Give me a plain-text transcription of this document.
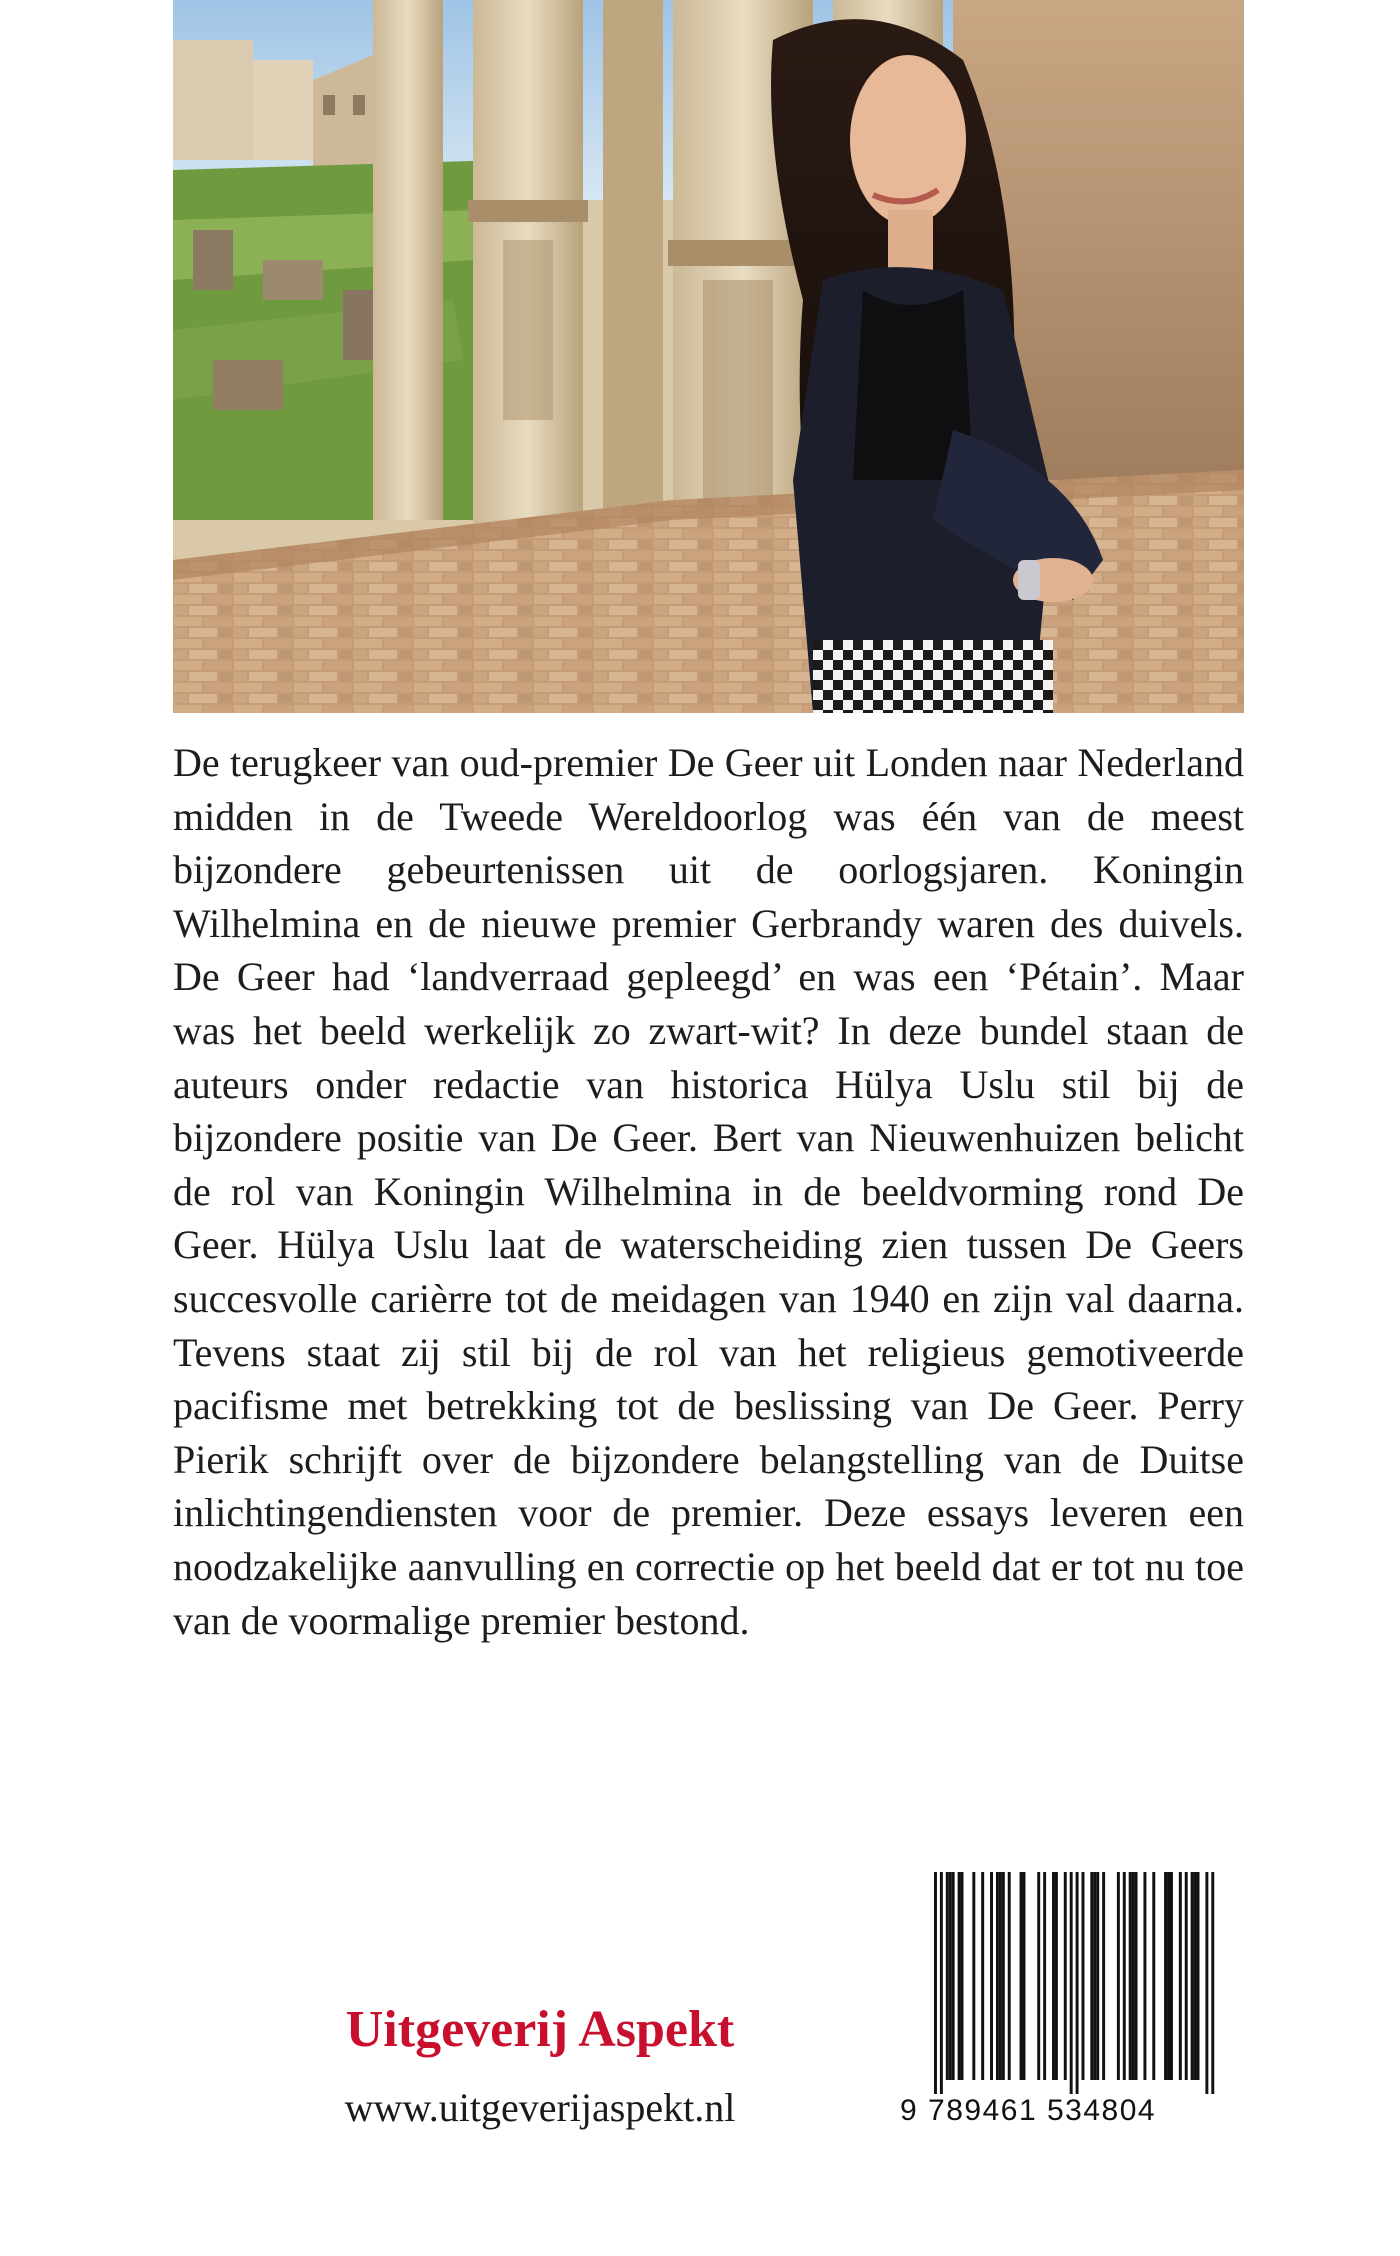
De terugkeer van oud-premier De Geer uit Londen naar Nederland midden in de Tweede Wereldoorlog was één van de meest bijzondere gebeurtenissen uit de oorlogsjaren. Koningin Wilhelmina en de nieuwe premier Gerbrandy waren des duivels. De Geer had ‘landverraad gepleegd’ en was een ‘Pétain’. Maar was het beeld werkelijk zo zwart-wit? In deze bundel staan de auteurs onder redactie van historica Hülya Uslu stil bij de bijzondere positie van De Geer. Bert van Nieuwenhuizen belicht de rol van Koningin Wilhelmina in de beeldvorming rond De Geer. Hülya Uslu laat de waterscheiding zien tussen De Geers succesvolle carièrre tot de meidagen van 1940 en zijn val daarna. Tevens staat zij stil bij de rol van het religieus gemotiveerde pacifisme met betrekking tot de beslissing van De Geer. Perry Pierik schrijft over de bijzondere belangstelling van de Duitse inlichtingendiensten voor de premier. Deze essays leveren een noodzakelijke aanvulling en correctie op het beeld dat er tot nu toe van de voormalige premier bestond.

Uitgeverij Aspekt
www.uitgeverijaspekt.nl	9 789461 534804
